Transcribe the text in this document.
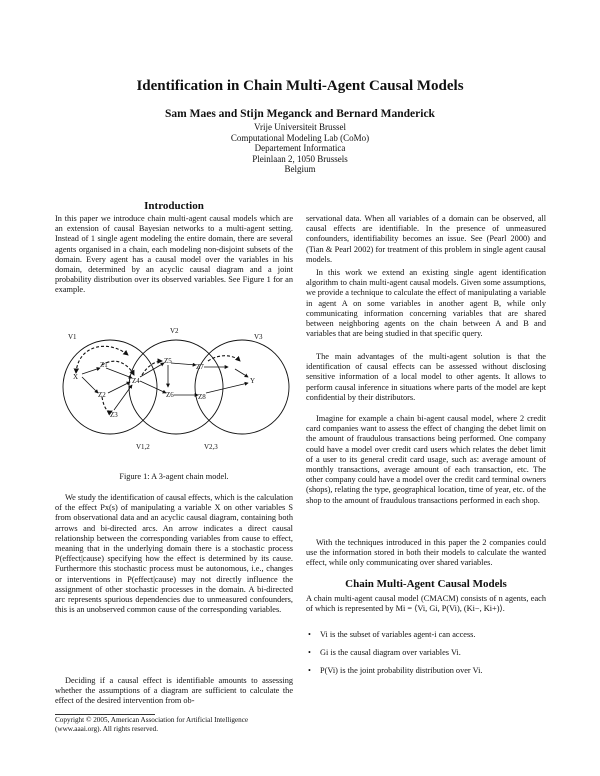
Identification in Chain Multi-Agent Causal Models
Sam Maes and Stijn Meganck and Bernard Manderick
Vrije Universiteit Brussel
Computational Modeling Lab (CoMo)
Departement Informatica
Pleinlaan 2, 1050 Brussels
Belgium
Introduction

In this paper we introduce chain multi-agent causal models which are an extension of causal Bayesian networks to a multi-agent setting. Instead of 1 single agent modeling the entire domain, there are several agents organised in a chain, each modeling non-disjoint subsets of the domain. Every agent has a causal model over the variables in his domain, determined by an acyclic causal diagram and a joint probability distribution over its observed variables. See Figure 1 for an example.

X
Z1
Z2
Z3
Z4
Z5
Z6
Z7
Z8
Y
V1
V2
V3
V1,2	V2,3
Figure 1: A 3-agent chain model.

We study the identification of causal effects, which is the calculation of the effect Px(s) of manipulating a variable X on other variables S from observational data and an acyclic causal diagram, containing both arrows and bi-directed arcs. An arrow indicates a direct causal relationship between the corresponding variables from cause to effect, meaning that in the underlying domain there is a stochastic process P(effect|cause) specifying how the effect is determined by its cause. Furthermore this stochastic process must be autonomous, i.e., changes or interventions in P(effect|cause) may not directly influence the assignment of other stochastic processes in the domain. A bi-directed arc represents spurious dependencies due to unmeasured confounders, this is an unobserved common cause of the corresponding variables.

Deciding if a causal effect is identifiable amounts to assessing whether the assumptions of a diagram are sufficient to calculate the effect of the desired intervention from ob-

Copyright © 2005, American Association for Artificial Intelligence (www.aaai.org). All rights reserved.

servational data. When all variables of a domain can be observed, all causal effects are identifiable. In the presence of unmeasured confounders, identifiability becomes an issue. See (Pearl 2000) and (Tian & Pearl 2002) for treatment of this problem in single agent causal models.

In this work we extend an existing single agent identification algorithm to chain multi-agent causal models. Given some assumptions, we provide a technique to calculate the effect of manipulating a variable in agent A on some variables in another agent B, while only communicating information concerning variables that are shared between neighboring agents on the chain between A and B and variables that are being studied in that specific query.

The main advantages of the multi-agent solution is that the identification of causal effects can be assessed without disclosing sensitive information of a local model to other agents. It allows to perform causal inference in situations where parts of the model are kept confidential by their distributors.

Imagine for example a chain bi-agent causal model, where 2 credit card companies want to assess the effect of changing the debet limit on the amount of fraudulous transactions being performed. One company could have a model over credit card users which relates the debet limit of a user to its general credit card usage, such as: average amount of monthly transactions, average amount of each transaction, etc. The other company could have a model over the credit card terminal owners (shops), relating the type, geographical location, time of year, etc. of the shop to the amount of fraudulous transactions performed in each shop.

With the techniques introduced in this paper the 2 companies could use the information stored in both their models to calculate the wanted effect, while only communicating over shared variables.

Chain Multi-Agent Causal Models

A chain multi-agent causal model (CMACM) consists of n agents, each of which is represented by Mi = ⟨Vi, Gi, P(Vi), (Ki−, Ki+)⟩.

• Vi is the subset of variables agent-i can access.
• Gi is the causal diagram over variables Vi.
• P(Vi) is the joint probability distribution over Vi.
